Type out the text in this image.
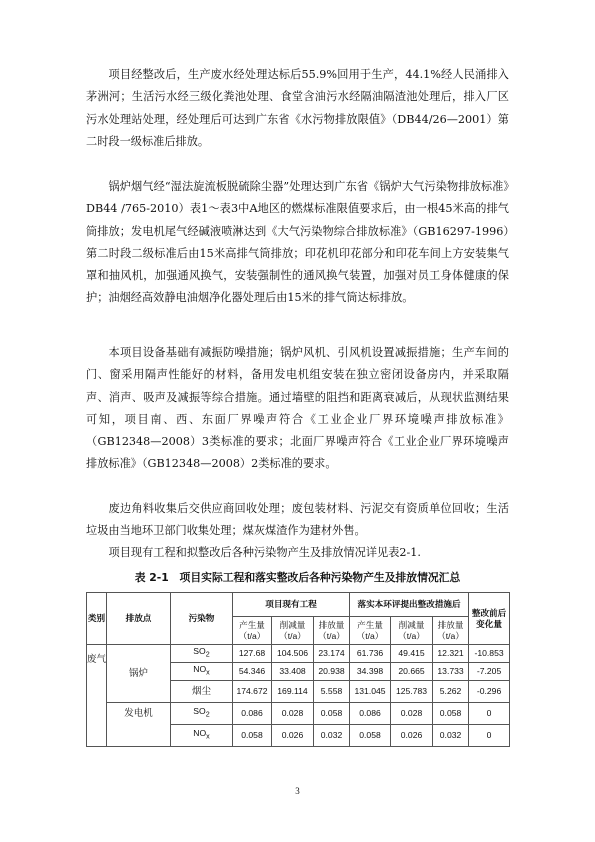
项目经整改后，生产废水经处理达标后55.9%回用于生产，44.1%经人民涌排入茅洲河；生活污水经三级化粪池处理、食堂含油污水经隔油隔渣池处理后，排入厂区污水处理站处理，经处理后可达到广东省《水污物排放限值》（DB44/26—2001）第二时段一级标准后排放。

锅炉烟气经“湿法旋流板脱硫除尘器”处理达到广东省《锅炉大气污染物排放标准》DB44 /765-2010）表1～表3中A地区的燃煤标准限值要求后，由一根45米高的排气筒排放；发电机尾气经碱液喷淋达到《大气污染物综合排放标准》（GB16297-1996）第二时段二级标准后由15米高排气筒排放；印花机印花部分和印花车间上方安装集气罩和抽风机，加强通风换气，安装强制性的通风换气装置，加强对员工身体健康的保护；油烟经高效静电油烟净化器处理后由15米的排气筒达标排放。

本项目设备基础有减振防噪措施；锅炉风机、引风机设置减振措施；生产车间的门、窗采用隔声性能好的材料，备用发电机组安装在独立密闭设备房内，并采取隔声、消声、吸声及减振等综合措施。通过墙壁的阻挡和距离衰减后，从现状监测结果可知，项目南、西、东面厂界噪声符合《工业企业厂界环境噪声排放标准》（GB12348—2008）3类标准的要求；北面厂界噪声符合《工业企业厂界环境噪声排放标准》（GB12348—2008）2类标准的要求。

废边角料收集后交供应商回收处理；废包装材料、污泥交有资质单位回收；生活垃圾由当地环卫部门收集处理；煤灰煤渣作为建材外售。

项目现有工程和拟整改后各种污染物产生及排放情况详见表2-1.

表 2-1　项目实际工程和落实整改后各种污染物产生及排放情况汇总
类别	排放点	污染物	项目现有工程			落实本环评提出整改措施后			整改前后变化量
			产生量（t/a）	削减量（t/a）	排放量（t/a）	产生量（t/a）	削减量（t/a）	排放量（t/a）	
废气	锅炉	$SO_2$	127.68	104.506	23.174	61.736	49.415	12.321	-10.853
		$NO_x$	54.346	33.408	20.938	34.398	20.665	13.733	-7.205
		烟尘	174.672	169.114	5.558	131.045	125.783	5.262	-0.296
	发电机	$SO_2$	0.086	0.028	0.058	0.086	0.028	0.058	0
		$NO_x$	0.058	0.026	0.032	0.058	0.026	0.032	0
3
